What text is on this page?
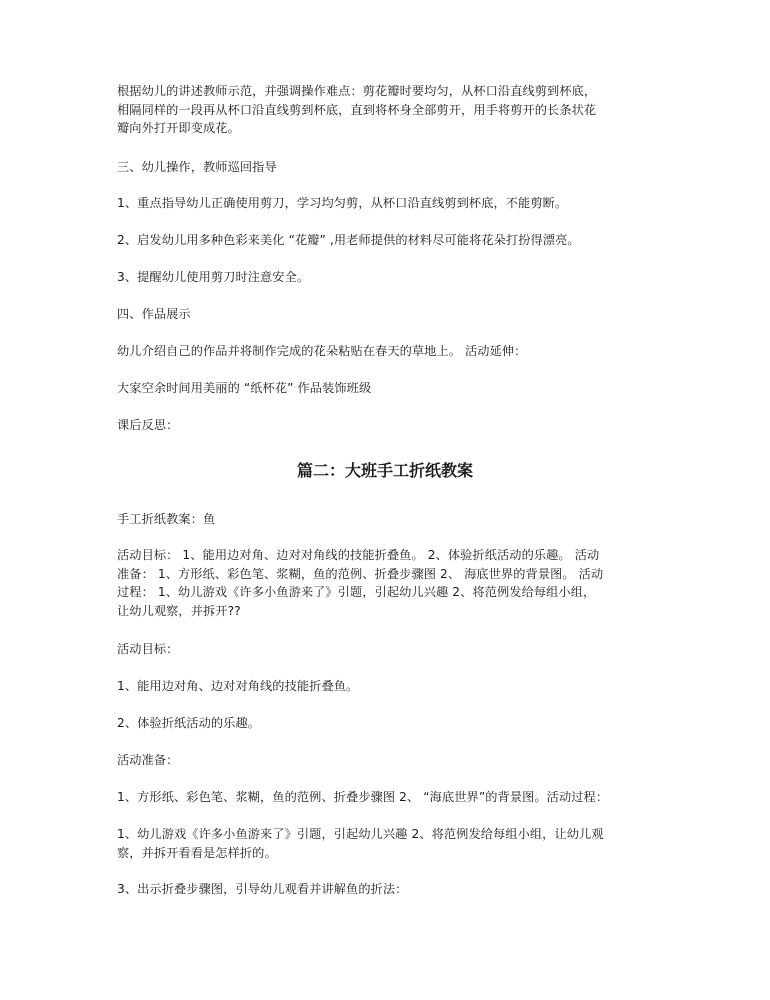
根据幼儿的讲述教师示范，并强调操作难点：剪花瓣时要均匀，从杯口沿直线剪到杯底，
相隔同样的一段再从杯口沿直线剪到杯底，直到将杯身全部剪开，用手将剪开的长条状花
瓣向外打开即变成花。
三、幼儿操作，教师巡回指导
1、重点指导幼儿正确使用剪刀，学习均匀剪，从杯口沿直线剪到杯底，不能剪断。
2、启发幼儿用多种色彩来美化 “花瓣” ,用老师提供的材料尽可能将花朵打扮得漂亮。
3、提醒幼儿使用剪刀时注意安全。
四、作品展示
幼儿介绍自己的作品并将制作完成的花朵粘贴在春天的草地上。 活动延伸：
大家空余时间用美丽的 “纸杯花” 作品装饰班级
课后反思：
篇二：大班手工折纸教案
手工折纸教案：鱼
活动目标： 1、能用边对角、边对对角线的技能折叠鱼。 2、体验折纸活动的乐趣。 活动
准备： 1、方形纸、彩色笔、浆糊，鱼的范例、折叠步骤图 2、 海底世界的背景图。 活动
过程： 1、幼儿游戏《许多小鱼游来了》引题，引起幼儿兴趣 2、将范例发给每组小组，
让幼儿观察，并拆开??
活动目标：
1、能用边对角、边对对角线的技能折叠鱼。
2、体验折纸活动的乐趣。
活动准备：
1、方形纸、彩色笔、浆糊，鱼的范例、折叠步骤图 2、 “海底世界”的背景图。活动过程：
1、幼儿游戏《许多小鱼游来了》引题，引起幼儿兴趣 2、将范例发给每组小组，让幼儿观
察，并拆开看看是怎样折的。
3、出示折叠步骤图，引导幼儿观看并讲解鱼的折法：
